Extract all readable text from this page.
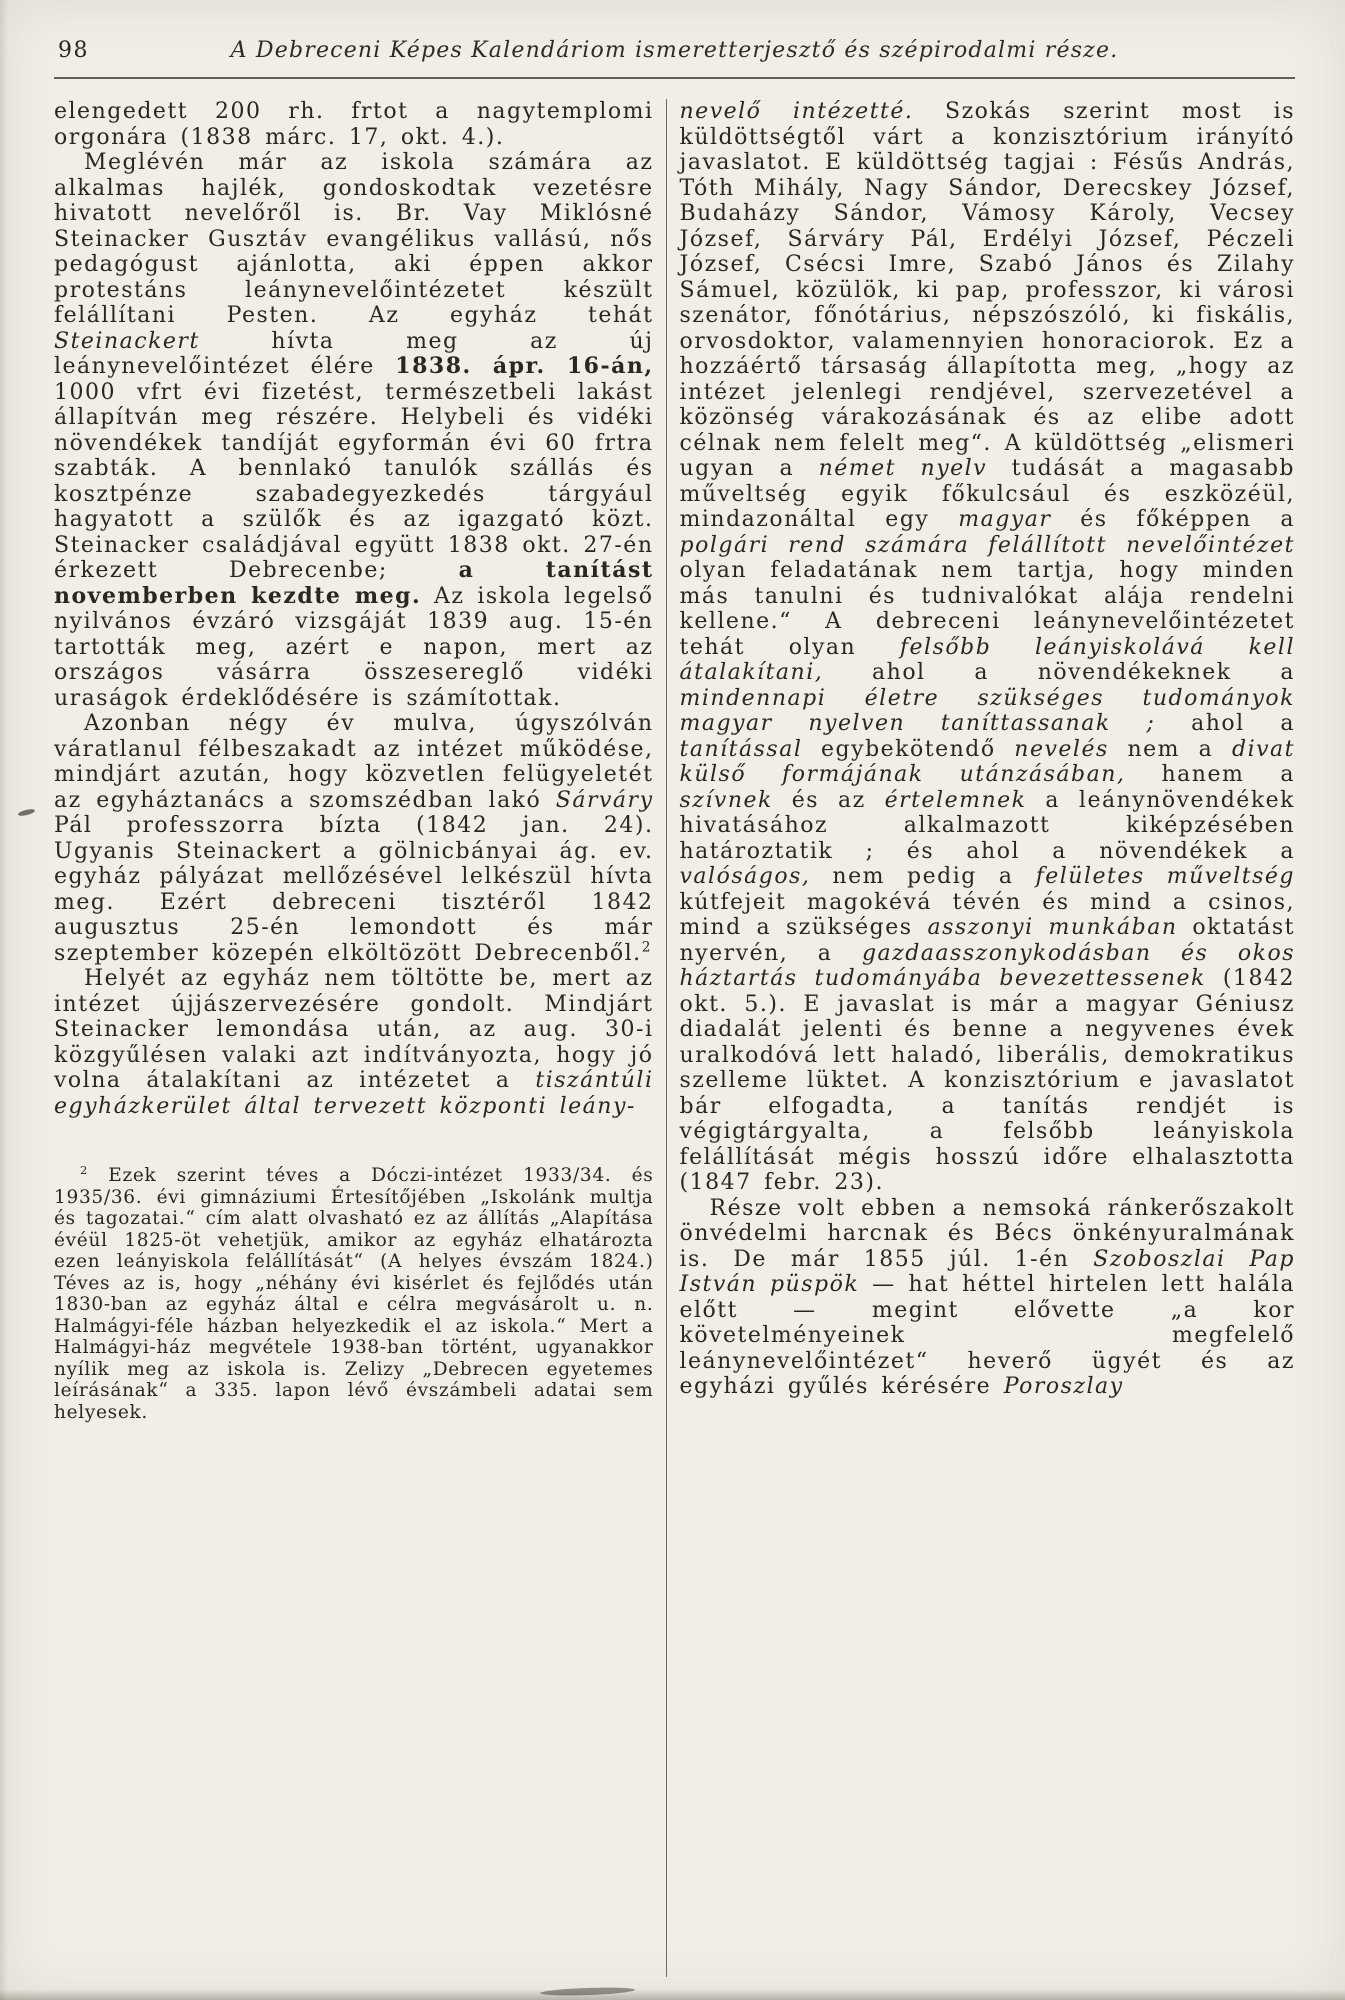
98	A Debreceni Képes Kalendáriom ismeretterjesztő és szépirodalmi része.

elengedett 200 rh. frtot a nagytemplomi orgonára (1838 márc. 17, okt. 4.).

Meglévén már az iskola számára az alkalmas hajlék, gondoskodtak vezetésre hivatott nevelőről is. Br. Vay Miklósné Steinacker Gusztáv evangélikus vallású, nős pedagógust ajánlotta, aki éppen akkor protestáns leánynevelőintézetet készült felállítani Pesten. Az egyház tehát Steinackert hívta meg az új leánynevelőintézet élére 1838. ápr. 16-án, 1000 vfrt évi fizetést, természetbeli lakást állapítván meg részére. Helybeli és vidéki növendékek tandíját egyformán évi 60 frtra szabták. A bennlakó tanulók szállás és kosztpénze szabadegyezkedés tárgyául hagyatott a szülők és az igazgató közt. Steinacker családjával együtt 1838 okt. 27-én érkezett Debrecenbe; a tanítást novemberben kezdte meg. Az iskola legelső nyilvános évzáró vizsgáját 1839 aug. 15-én tartották meg, azért e napon, mert az országos vásárra összesereglő vidéki uraságok érdeklődésére is számítottak.

Azonban négy év mulva, úgyszólván váratlanul félbeszakadt az intézet működése, mindjárt azután, hogy közvetlen felügyeletét az egyháztanács a szomszédban lakó Sárváry Pál professzorra bízta (1842 jan. 24). Ugyanis Steinackert a gölnicbányai ág. ev. egyház pályázat mellőzésével lelkészül hívta meg. Ezért debreceni tisztéről 1842 augusztus 25-én lemondott és már szeptember közepén elköltözött Debrecenből.$^2$

Helyét az egyház nem töltötte be, mert az intézet újjászervezésére gondolt. Mindjárt Steinacker lemondása után, az aug. 30-i közgyűlésen valaki azt indítványozta, hogy jó volna átalakítani az intézetet a tiszántúli egyházkerület által tervezett központi leány-

$^2$ Ezek szerint téves a Dóczi-intézet 1933/34. és 1935/36. évi gimnáziumi Értesítőjében „Iskolánk multja és tagozatai.“ cím alatt olvasható ez az állítás „Alapítása évéül 1825-öt vehetjük, amikor az egyház elhatározta ezen leányiskola felállítását“ (A helyes évszám 1824.) Téves az is, hogy „néhány évi kisérlet és fejlődés után 1830-ban az egyház által e célra megvásárolt u. n. Halmágyi-féle házban helyezkedik el az iskola.“ Mert a Halmágyi-ház megvétele 1938-ban történt, ugyanakkor nyílik meg az iskola is. Zelizy „Debrecen egyetemes leírásának“ a 335. lapon lévő évszámbeli adatai sem helyesek.

nevelő intézetté. Szokás szerint most is küldöttségtől várt a konzisztórium irányító javaslatot. E küldöttség tagjai : Fésűs András, Tóth Mihály, Nagy Sándor, Derecskey József, Budaházy Sándor, Vámosy Károly, Vecsey József, Sárváry Pál, Erdélyi József, Péczeli József, Csécsi Imre, Szabó János és Zilahy Sámuel, közülök, ki pap, professzor, ki városi szenátor, főnótárius, népszószóló, ki fiskális, orvosdoktor, valamennyien honoraciorok. Ez a hozzáértő társaság állapította meg, „hogy az intézet jelenlegi rendjével, szervezetével a közönség várakozásának és az elibe adott célnak nem felelt meg“. A küldöttség „elismeri ugyan a német nyelv tudását a magasabb műveltség egyik főkulcsául és eszközéül, mindazonáltal egy magyar és főképpen a polgári rend számára felállított nevelőintézet olyan feladatának nem tartja, hogy minden más tanulni és tudnivalókat alája rendelni kellene.“ A debreceni leánynevelőintézetet tehát olyan felsőbb leányiskolává kell átalakítani, ahol a növendékeknek a mindennapi életre szükséges tudományok magyar nyelven taníttassanak ; ahol a tanítással egybekötendő nevelés nem a divat külső formájának utánzásában, hanem a szívnek és az értelemnek a leánynövendékek hivatásához alkalmazott kiképzésében határoztatik ; és ahol a növendékek a valóságos, nem pedig a felületes műveltség kútfejeit magokévá tévén és mind a csinos, mind a szükséges asszonyi munkában oktatást nyervén, a gazdaasszonykodásban és okos háztartás tudományába bevezettessenek (1842 okt. 5.). E javaslat is már a magyar Géniusz diadalát jelenti és benne a negyvenes évek uralkodóvá lett haladó, liberális, demokratikus szelleme lüktet. A konzisztórium e javaslatot bár elfogadta, a tanítás rendjét is végigtárgyalta, a felsőbb leányiskola felállítását mégis hosszú időre elhalasztotta (1847 febr. 23).

Része volt ebben a nemsoká ránkerőszakolt önvédelmi harcnak és Bécs önkényuralmának is. De már 1855 júl. 1-én Szoboszlai Pap István püspök — hat héttel hirtelen lett halála előtt — megint elővette „a kor követelményeinek megfelelő leánynevelőintézet“ heverő ügyét és az egyházi gyűlés kérésére Poroszlay
